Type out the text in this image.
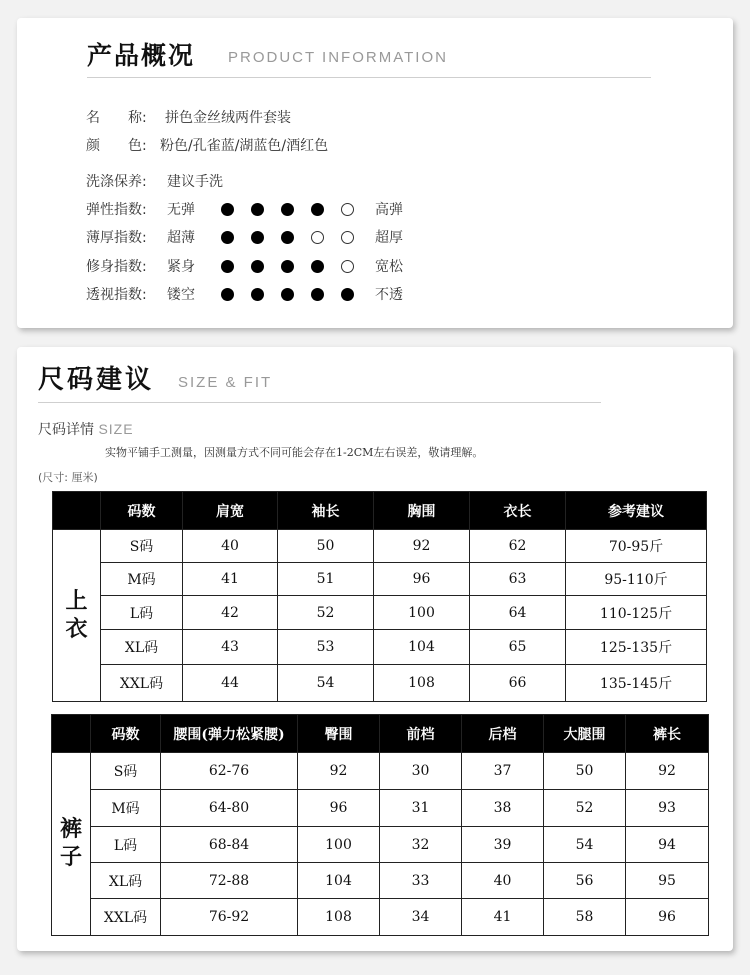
产品概况 PRODUCT INFORMATION
名　　称: 拼色金丝绒两件套装
颜　　色: 粉色/孔雀蓝/湖蓝色/酒红色
洗涤保养: 建议手洗
弹性指数: 无弹	高弹
薄厚指数: 超薄	超厚
修身指数: 紧身	宽松
透视指数: 镂空	不透
尺码建议 SIZE & FIT
尺码详情 SIZE
实物平铺手工测量，因测量方式不同可能会存在1-2CM左右误差，敬请理解。
(尺寸: 厘米)
	码数	肩宽	袖长	胸围	衣长	参考建议

上
衣	S码	40	50	92	62	70-95斤
	M码	41	51	96	63	95-110斤
	L码	42	52	100	64	110-125斤
	XL码	43	53	104	65	125-135斤
	XXL码	44	54	108	66	135-145斤
	码数	腰围(弹力松紧腰)	臀围	前档	后档	大腿围	裤长

裤
子	S码	62-76	92	30	37	50	92
	M码	64-80	96	31	38	52	93
	L码	68-84	100	32	39	54	94
	XL码	72-88	104	33	40	56	95
	XXL码	76-92	108	34	41	58	96
